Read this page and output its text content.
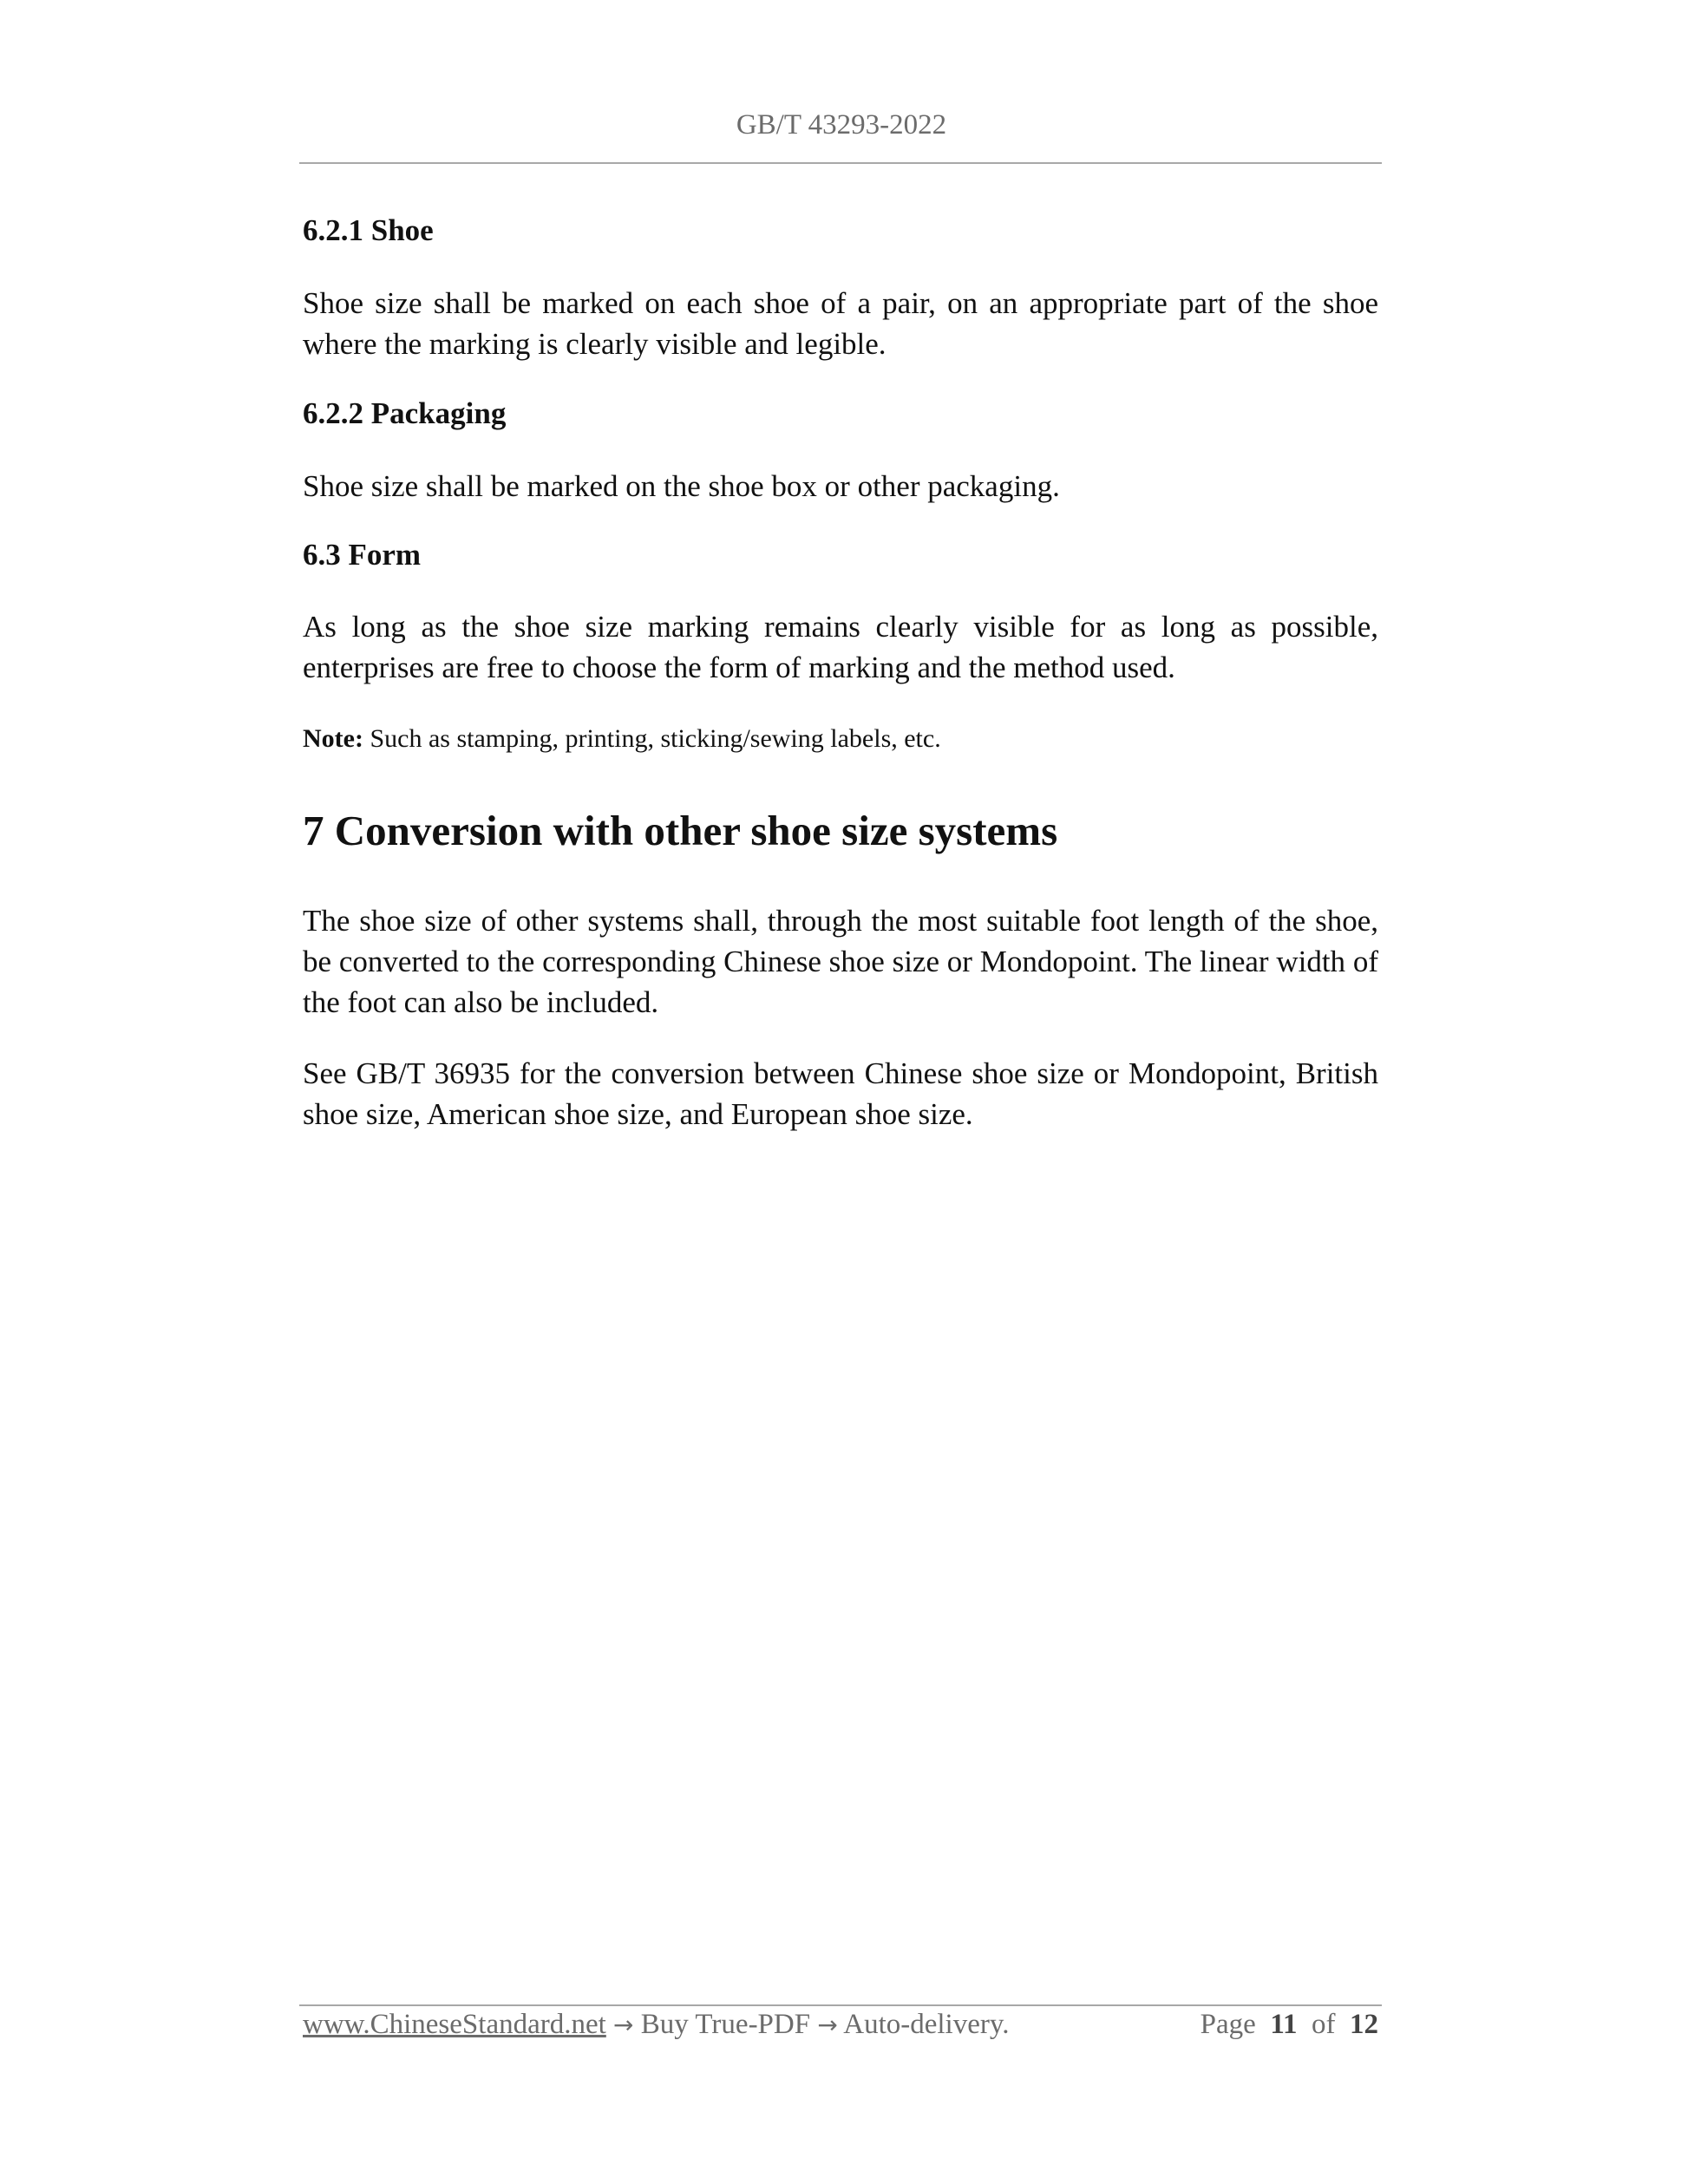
GB/T 43293-2022
6.2.1 Shoe
Shoe size shall be marked on each shoe of a pair, on an appropriate part of the shoe where the marking is clearly visible and legible.
6.2.2 Packaging
Shoe size shall be marked on the shoe box or other packaging.
6.3 Form
As long as the shoe size marking remains clearly visible for as long as possible, enterprises are free to choose the form of marking and the method used.
Note: Such as stamping, printing, sticking/sewing labels, etc.
7 Conversion with other shoe size systems
The shoe size of other systems shall, through the most suitable foot length of the shoe, be converted to the corresponding Chinese shoe size or Mondopoint. The linear width of the foot can also be included.
See GB/T 36935 for the conversion between Chinese shoe size or Mondopoint, British shoe size, American shoe size, and European shoe size.
www.ChineseStandard.net → Buy True-PDF → Auto-delivery.	Page 11 of 12
